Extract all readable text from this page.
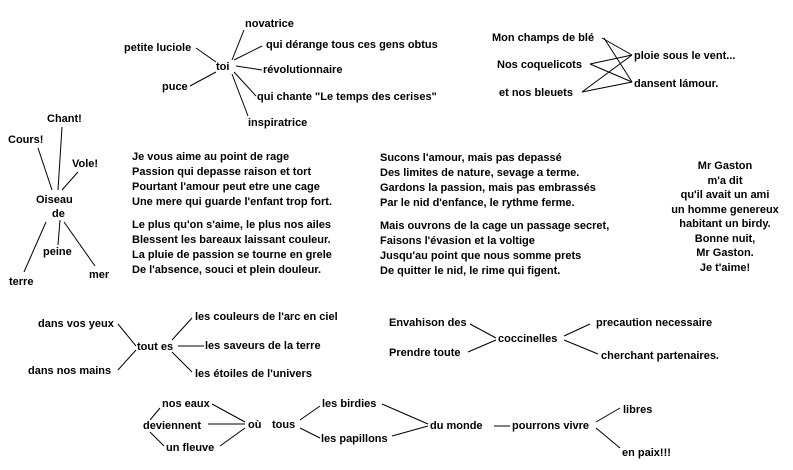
novatrice
petite luciole	qui dérange tous ces gens obtus
toi	révolutionnaire
puce
qui chante "Le temps des cerises"
inspiratrice
Mon champs de blé
Nos coquelicots
et nos bleuets
ploie sous le vent...
dansent lámour.
Chant!
Cours!
Vole!
Oiseau
de
peine
terre
mer
Je vous aime au point de rage
Passion qui depasse raison et tort
Pourtant l'amour peut etre une cage
Une mere qui guarde l'enfant trop fort.
Le plus qu'on s'aime, le plus nos ailes
Blessent les bareaux laissant couleur.
La pluie de passion se tourne en grele
De l'absence, souci et plein douleur.
Sucons l'amour, mais pas depassé
Des limites de nature, sevage a terme.
Gardons la passion, mais pas embrassés
Par le nid d'enfance, le rythme ferme.
Mais ouvrons de la cage un passage secret,
Faisons l'évasion et la voltige
Jusqu'au point que nous somme prets
De quitter le nid, le rime qui figent.
Mr Gaston
m'a dit
qu'il avait un ami
un homme genereux
habitant un birdy.
Bonne nuit,
Mr Gaston.
Je t'aime!
dans vos yeux
dans nos mains
tout es
les couleurs de l'arc en ciel
les saveurs de la terre
les étoiles de l'univers
Envahison des
Prendre toute
coccinelles
precaution necessaire
cherchant partenaires.
nos eaux
deviennent
un fleuve
où tous
les birdies
les papillons
du monde	pourrons vivre
libres
en paix!!!
